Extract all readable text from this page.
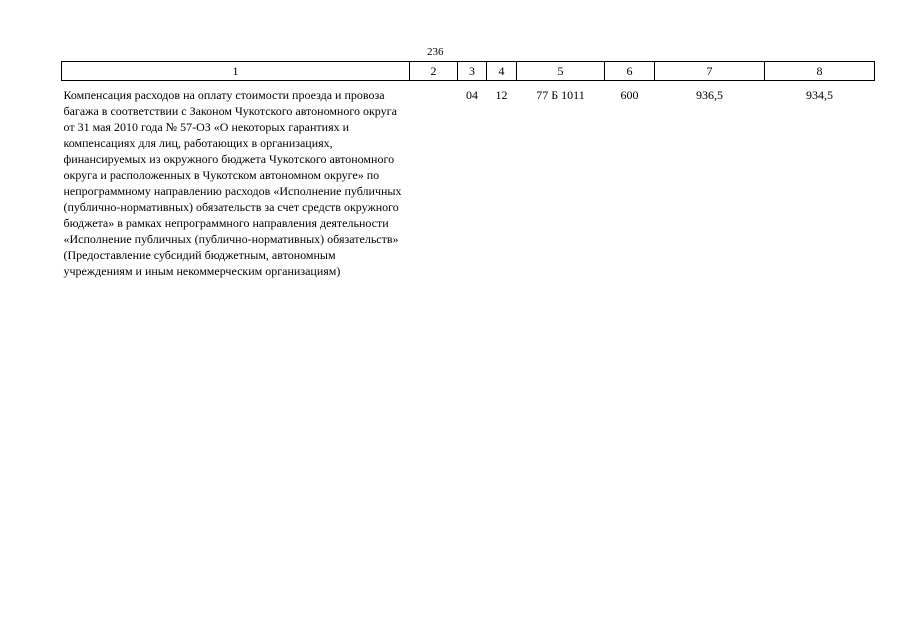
236
1	2	3	4	5	6	7	8
Компенсация расходов на оплату стоимости проезда и провоза багажа в соответствии с Законом Чукотского автономного округа от 31 мая 2010 года № 57-ОЗ «О некоторых гарантиях и компенсациях для лиц, работающих в организациях, финансируемых из окружного бюджета Чукотского автономного округа и расположенных в Чукотском автономном округе» по непрограммному направлению расходов «Исполнение публичных (публично-нормативных) обязательств за счет средств окружного бюджета» в рамках непрограммного направления деятельности «Исполнение публичных (публично-нормативных) обязательств» (Предоставление субсидий бюджетным, автономным учреждениям и иным некоммерческим организациям)		04	12	77 Б 1011	600	936,5	934,5
